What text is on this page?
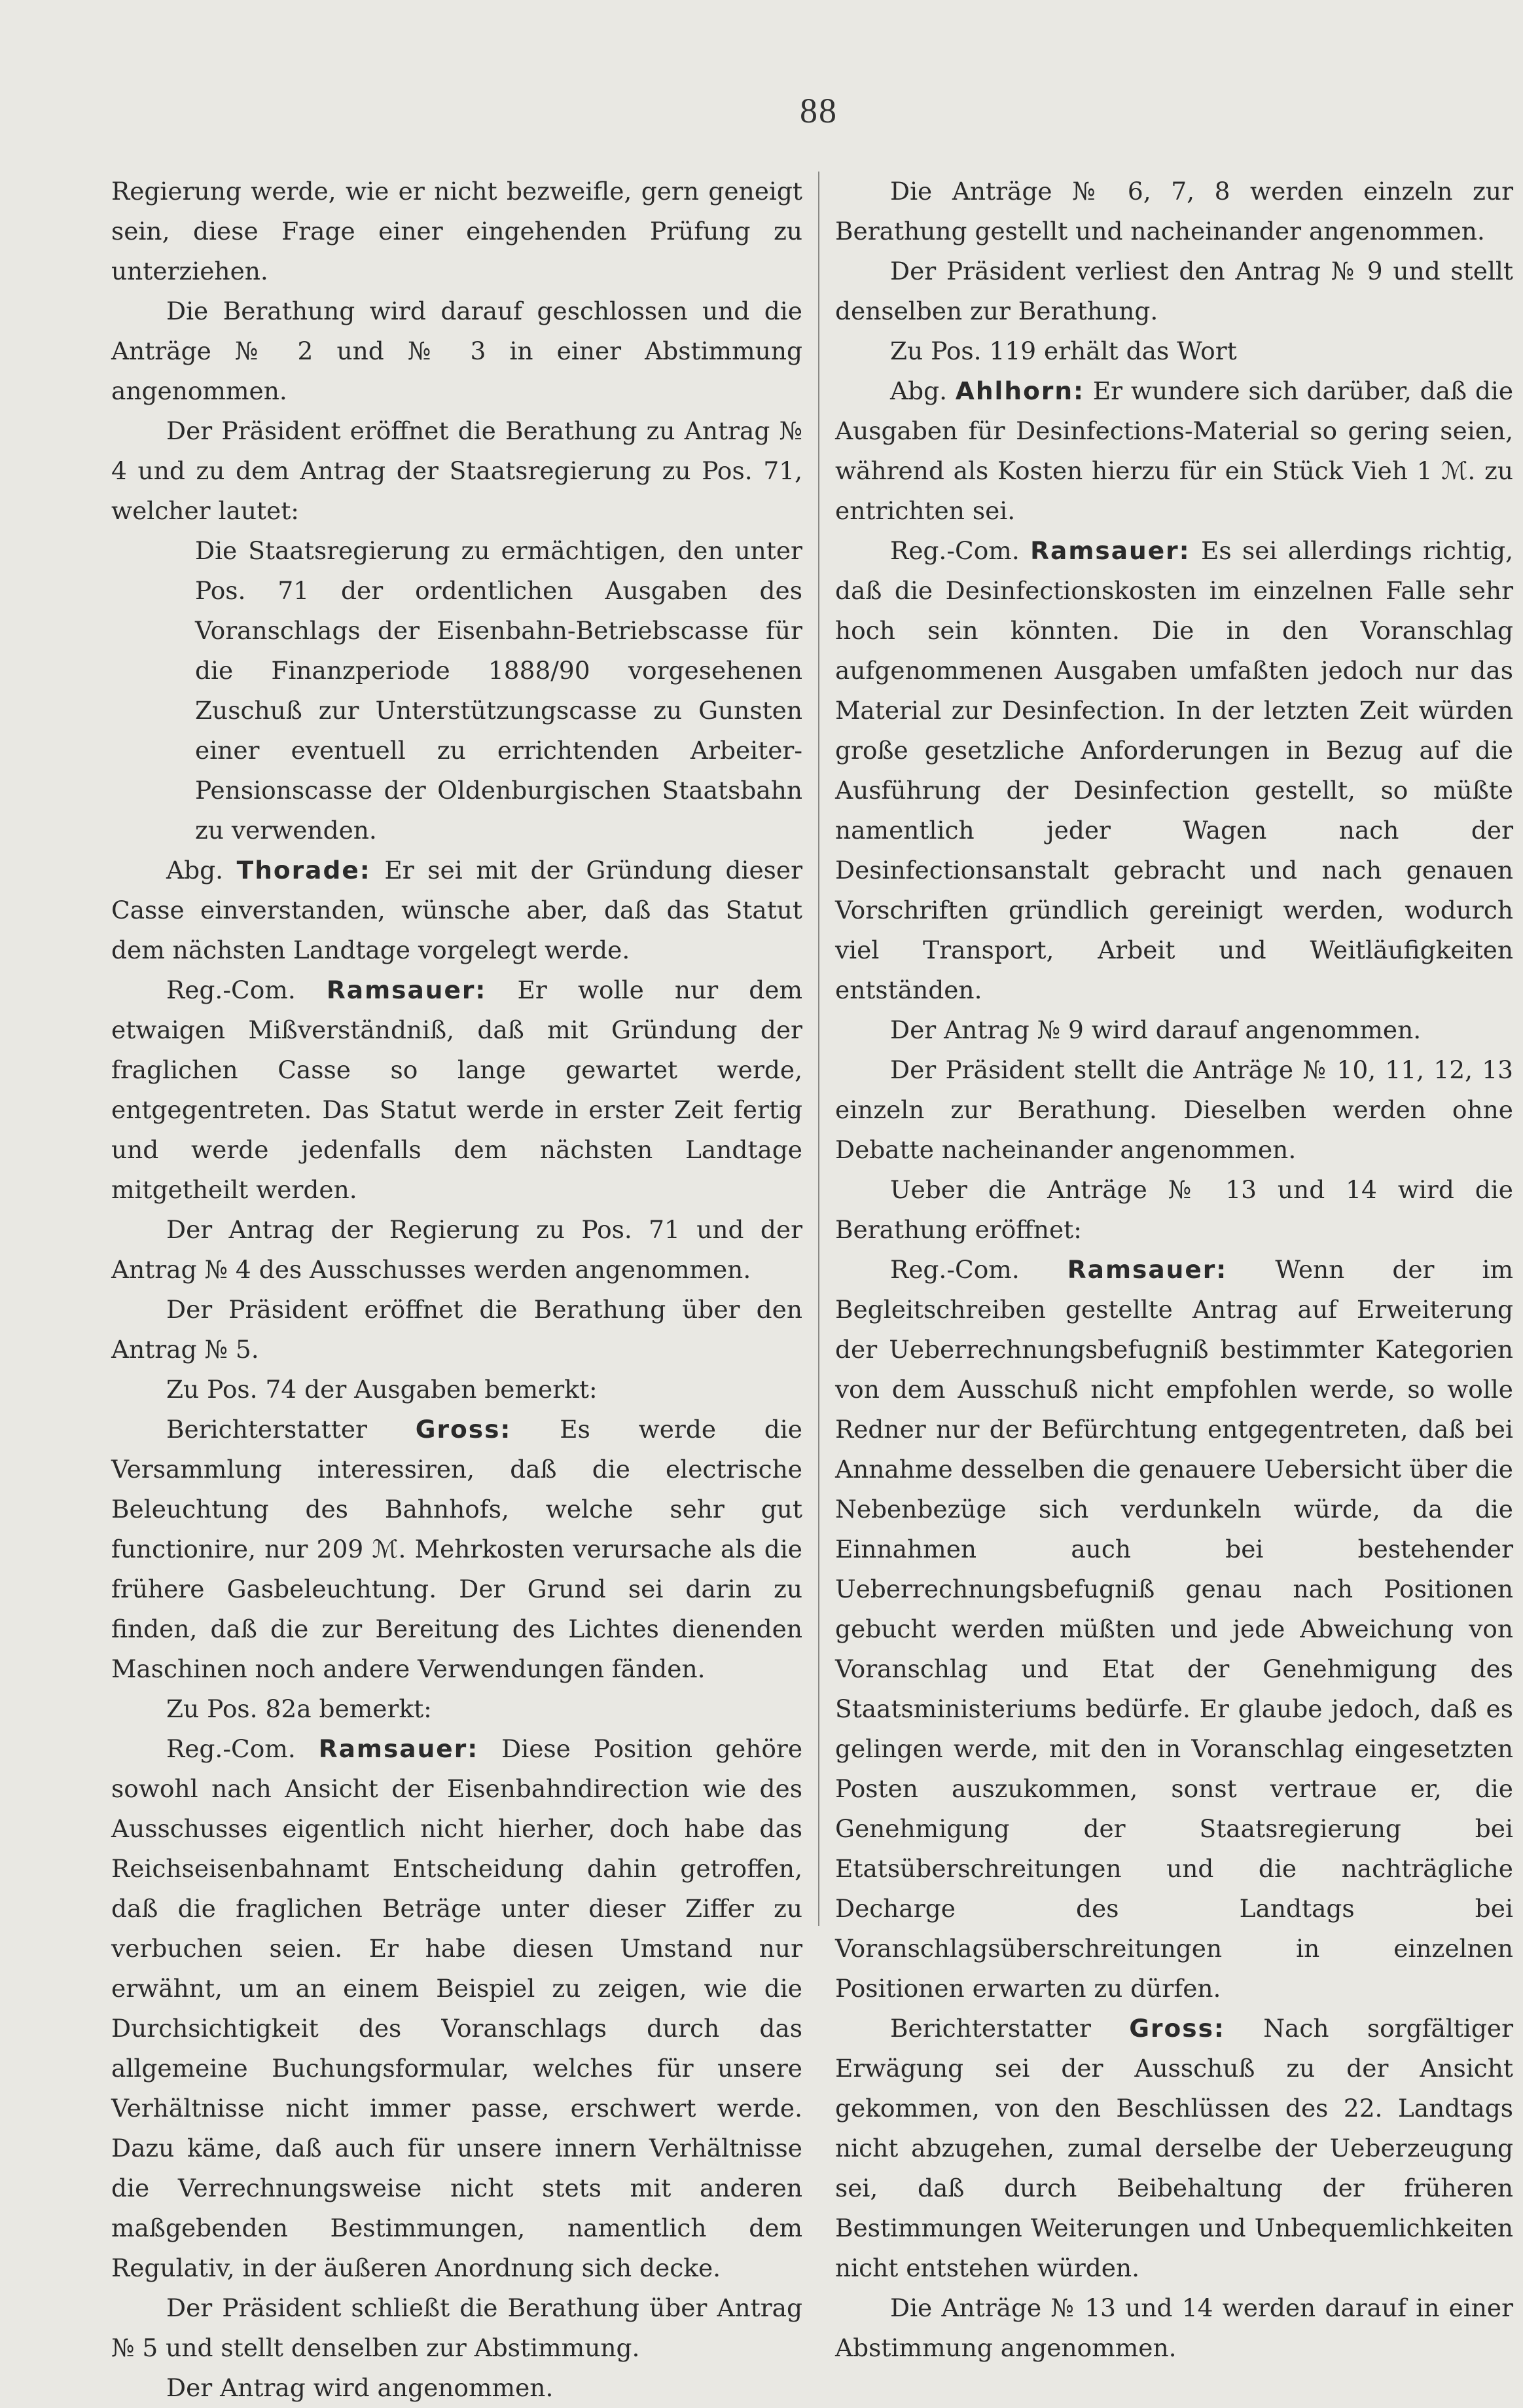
88

Regierung werde, wie er nicht bezweifle, gern geneigt sein, diese Frage einer eingehenden Prüfung zu unterziehen.

Die Berathung wird darauf geschlossen und die Anträge № 2 und № 3 in einer Abstimmung angenommen.

Der Präsident eröffnet die Berathung zu Antrag № 4 und zu dem Antrag der Staatsregierung zu Pos. 71, welcher lautet:

Die Staatsregierung zu ermächtigen, den unter Pos. 71 der ordentlichen Ausgaben des Voranschlags der Eisenbahn-Betriebscasse für die Finanzperiode 1888/90 vorgesehenen Zuschuß zur Unterstützungscasse zu Gunsten einer eventuell zu errichtenden Arbeiter-Pensionscasse der Oldenburgischen Staatsbahn zu verwenden.

Abg. Thorade: Er sei mit der Gründung dieser Casse einverstanden, wünsche aber, daß das Statut dem nächsten Landtage vorgelegt werde.

Reg.-Com. Ramsauer: Er wolle nur dem etwaigen Mißverständniß, daß mit Gründung der fraglichen Casse so lange gewartet werde, entgegentreten. Das Statut werde in erster Zeit fertig und werde jedenfalls dem nächsten Landtage mitgetheilt werden.

Der Antrag der Regierung zu Pos. 71 und der Antrag № 4 des Ausschusses werden angenommen.

Der Präsident eröffnet die Berathung über den Antrag № 5.

Zu Pos. 74 der Ausgaben bemerkt:

Berichterstatter Gross: Es werde die Versammlung interessiren, daß die electrische Beleuchtung des Bahnhofs, welche sehr gut functionire, nur 209 ℳ. Mehrkosten verursache als die frühere Gasbeleuchtung. Der Grund sei darin zu finden, daß die zur Bereitung des Lichtes dienenden Maschinen noch andere Verwendungen fänden.

Zu Pos. 82a bemerkt:

Reg.-Com. Ramsauer: Diese Position gehöre sowohl nach Ansicht der Eisenbahndirection wie des Ausschusses eigentlich nicht hierher, doch habe das Reichseisenbahnamt Entscheidung dahin getroffen, daß die fraglichen Beträge unter dieser Ziffer zu verbuchen seien. Er habe diesen Umstand nur erwähnt, um an einem Beispiel zu zeigen, wie die Durchsichtigkeit des Voranschlags durch das allgemeine Buchungsformular, welches für unsere Verhältnisse nicht immer passe, erschwert werde. Dazu käme, daß auch für unsere innern Verhältnisse die Verrechnungsweise nicht stets mit anderen maßgebenden Bestimmungen, namentlich dem Regulativ, in der äußeren Anordnung sich decke.

Der Präsident schließt die Berathung über Antrag № 5 und stellt denselben zur Abstimmung.

Der Antrag wird angenommen.

Die Anträge № 6, 7, 8 werden einzeln zur Berathung gestellt und nacheinander angenommen.

Der Präsident verliest den Antrag № 9 und stellt denselben zur Berathung.

Zu Pos. 119 erhält das Wort

Abg. Ahlhorn: Er wundere sich darüber, daß die Ausgaben für Desinfections-Material so gering seien, während als Kosten hierzu für ein Stück Vieh 1 ℳ. zu entrichten sei.

Reg.-Com. Ramsauer: Es sei allerdings richtig, daß die Desinfectionskosten im einzelnen Falle sehr hoch sein könnten. Die in den Voranschlag aufgenommenen Ausgaben umfaßten jedoch nur das Material zur Desinfection. In der letzten Zeit würden große gesetzliche Anforderungen in Bezug auf die Ausführung der Desinfection gestellt, so müßte namentlich jeder Wagen nach der Desinfectionsanstalt gebracht und nach genauen Vorschriften gründlich gereinigt werden, wodurch viel Transport, Arbeit und Weitläufigkeiten entständen.

Der Antrag № 9 wird darauf angenommen.

Der Präsident stellt die Anträge № 10, 11, 12, 13 einzeln zur Berathung. Dieselben werden ohne Debatte nacheinander angenommen.

Ueber die Anträge № 13 und 14 wird die Berathung eröffnet:

Reg.-Com. Ramsauer: Wenn der im Begleitschreiben gestellte Antrag auf Erweiterung der Ueberrechnungsbefugniß bestimmter Kategorien von dem Ausschuß nicht empfohlen werde, so wolle Redner nur der Befürchtung entgegentreten, daß bei Annahme desselben die genauere Uebersicht über die Nebenbezüge sich verdunkeln würde, da die Einnahmen auch bei bestehender Ueberrechnungsbefugniß genau nach Positionen gebucht werden müßten und jede Abweichung von Voranschlag und Etat der Genehmigung des Staatsministeriums bedürfe. Er glaube jedoch, daß es gelingen werde, mit den in Voranschlag eingesetzten Posten auszukommen, sonst vertraue er, die Genehmigung der Staatsregierung bei Etatsüberschreitungen und die nachträgliche Decharge des Landtags bei Voranschlagsüberschreitungen in einzelnen Positionen erwarten zu dürfen.

Berichterstatter Gross: Nach sorgfältiger Erwägung sei der Ausschuß zu der Ansicht gekommen, von den Beschlüssen des 22. Landtags nicht abzugehen, zumal derselbe der Ueberzeugung sei, daß durch Beibehaltung der früheren Bestimmungen Weiterungen und Unbequemlichkeiten nicht entstehen würden.

Die Anträge № 13 und 14 werden darauf in einer Abstimmung angenommen.
